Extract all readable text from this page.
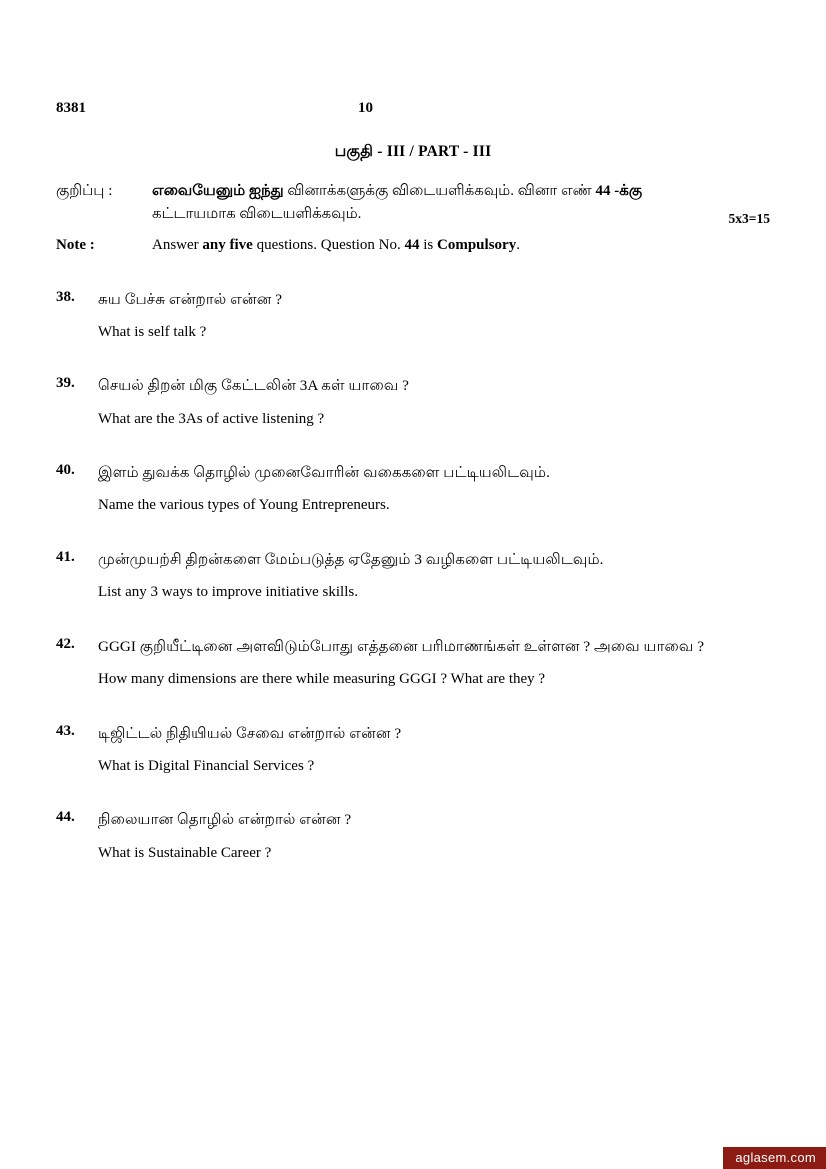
8381	10
பகுதி - III / PART - III
குறிப்பு :	எவையேனும் ஐந்து வினாக்களுக்கு விடையளிக்கவும். வினா எண் 44 -க்கு
கட்டாயமாக விடையளிக்கவும்.	5x3=15
Note :	Answer any five questions. Question No. 44 is Compulsory.
38.	சுய பேச்சு என்றால் என்ன ?
What is self talk ?
39.	செயல் திறன் மிகு கேட்டலின் 3A கள் யாவை ?
What are the 3As of active listening ?
40.	இளம் துவக்க தொழில் முனைவோரின் வகைகளை பட்டியலிடவும்.
Name the various types of Young Entrepreneurs.
41.	முன்முயற்சி திறன்களை மேம்படுத்த ஏதேனும் 3 வழிகளை பட்டியலிடவும்.
List any 3 ways to improve initiative skills.
42.	GGGI குறியீட்டினை அளவிடும்போது எத்தனை பரிமாணங்கள் உள்ளன ? அவை யாவை ?
How many dimensions are there while measuring GGGI ? What are they ?
43.	டிஜிட்டல் நிதியியல் சேவை என்றால் என்ன ?
What is Digital Financial Services ?
44.	நிலையான தொழில் என்றால் என்ன ?
What is Sustainable Career ?
aglasem.com
